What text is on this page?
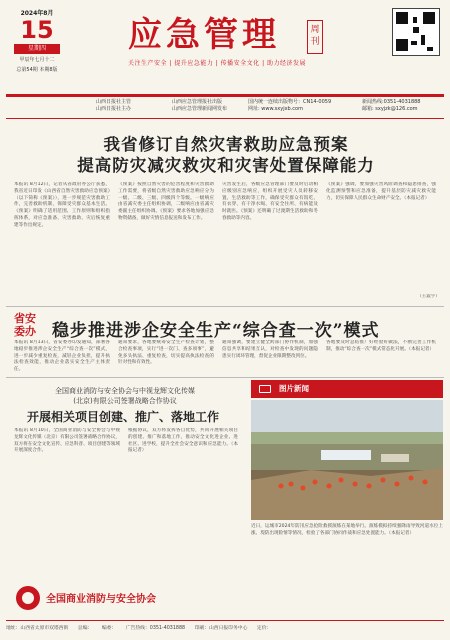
2024年8月
15
星期四
甲辰年七月十二
总第54期 本期8版
应急管理	周刊
关注生产安全 | 提升应急能力 | 传播安全文化 | 助力经济发展
山西日报社主管
山西日报社主办
山西应急管理报社出版
山西应急管理新闻网发布
国内统一连续出版物号：CN14-0059
网址: www.sxyjxb.com
新闻热线:0351-4031888
邮箱: sxyjzk@126.com
我省修订自然灾害救助应急预案
提高防灾减灾救灾和灾害处置保障能力
本报讯 8月12日，记者从省政府办公厅获悉，我省近日印发《山西省自然灾害救助应急预案》（以下简称《预案》），进一步规范灾害救助工作，完善救助机制，保障受灾群众基本生活。《预案》明确了适用范围、工作原则和组织指挥体系，对应急准备、灾害救助、灾后恢复重建等作出规定。
《预案》按照自然灾害的危害程度和灾害救助工作需要，将省级自然灾害救助应急响应分为一级、二级、三级、四级四个等级。一级响应由省减灾委主任组织协调，二级响应由省减灾委副主任组织协调。《预案》要求各地加强应急物资储备，做好灾情信息报送和发布工作。
灾害发生后，各级应急管理部门要及时启动相应级别应急响应，组织开展受灾人员转移安置、生活救助等工作，确保受灾群众有饭吃、有衣穿、有干净水喝、有安全住所、有病能及时就医。《预案》还明确了过渡期生活救助和冬春救助等内容。
《预案》强调，要加强灾害风险调查和隐患排查，强化监测预警和应急准备，提升基层防灾减灾救灾能力，切实保障人民群众生命财产安全。（本报记者）
（王震宇）
省安委办 稳步推进涉企安全生产“综合查一次”模式
本报讯 8月13日，省安委办印发通知，部署各地稳步推进涉企安全生产“综合查一次”模式，进一步减少重复检查，减轻企业负担，提升执法检查效能，推动企业落实安全生产主体责任。
通知要求，各地要统筹安全生产检查计划，整合检查事项，实行“进一次门、查多项事”，避免多头执法、重复检查，切实提高执法检查的针对性和有效性。
通知强调，要建立健全跨部门协作机制，加强信息共享和结果互认，对检查中发现的问题隐患实行闭环管理，督促企业限期整改到位。
各地要及时总结推广好经验好做法，不断完善工作机制，推动“综合查一次”模式常态化开展。（本报记者）
全国商业消防与安全协会与中视龙辉文化传媒
(北京)有限公司签署战略合作协议
开展相关项目创建、推广、落地工作
本报讯 8月10日，全国商业消防与安全协会与中视龙辉文化传媒（北京）有限公司签署战略合作协议，双方将在安全文化宣传、应急科普、项目创建等领域开展深度合作。
根据协议，双方将发挥各自优势，共同开展相关项目的创建、推广和落地工作，推动安全文化进企业、进社区、进学校，提升全社会安全意识和应急能力。（本报记者）
图片新闻
近日，运城市2024年防汛应急抢险救援演练在某地举行。演练模拟持续强降雨导致河道水位上涨、堤防出现险情等情况，检验了各部门协同作战和应急处置能力。（本报记者）
全国商业消防与安全协会
地址：山西省太原市双塔西街 总编： 编委： 广告热线：0351-4031888 印刷：山西日报印务中心 定价：
